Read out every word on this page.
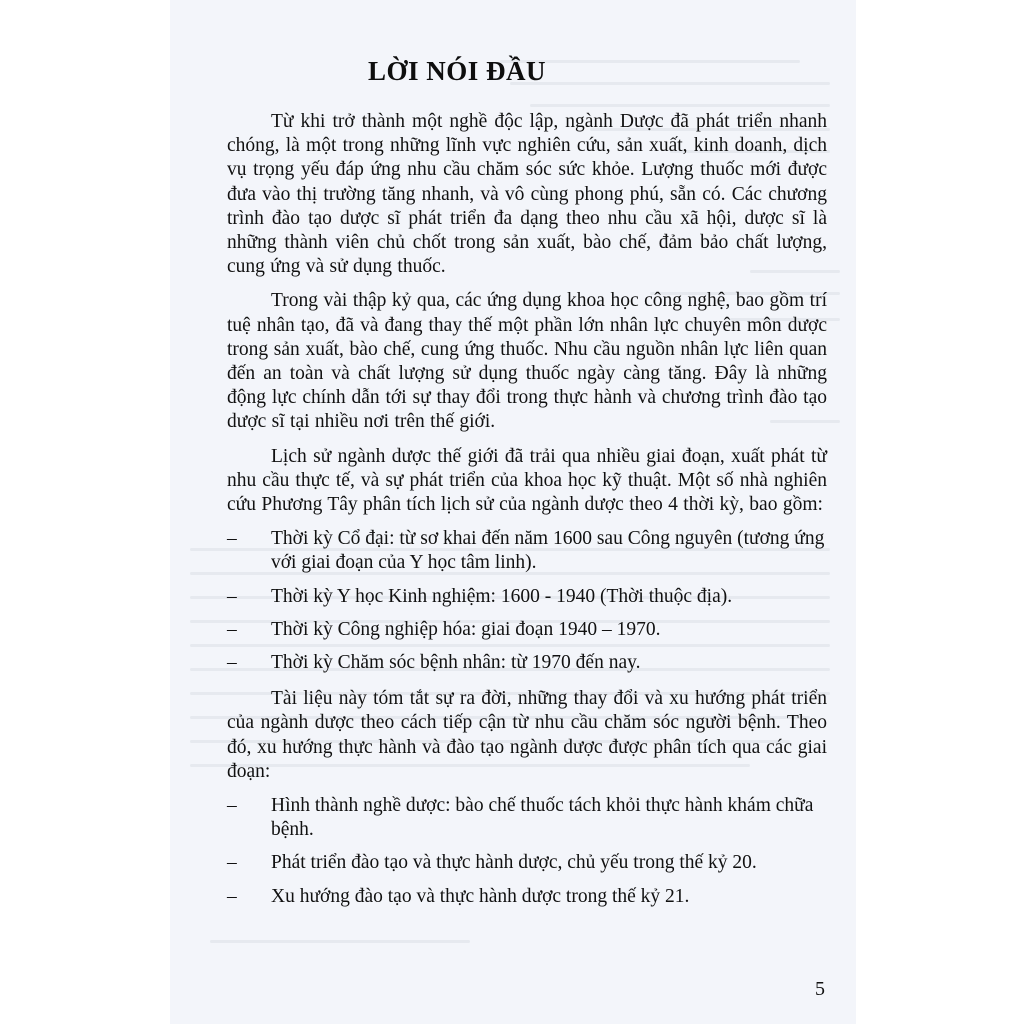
LỜI NÓI ĐẦU

Từ khi trở thành một nghề độc lập, ngành Dược đã phát triển nhanh chóng, là một trong những lĩnh vực nghiên cứu, sản xuất, kinh doanh, dịch vụ trọng yếu đáp ứng nhu cầu chăm sóc sức khỏe. Lượng thuốc mới được đưa vào thị trường tăng nhanh, và vô cùng phong phú, sẵn có. Các chương trình đào tạo dược sĩ phát triển đa dạng theo nhu cầu xã hội, dược sĩ là những thành viên chủ chốt trong sản xuất, bào chế, đảm bảo chất lượng, cung ứng và sử dụng thuốc.

Trong vài thập kỷ qua, các ứng dụng khoa học công nghệ, bao gồm trí tuệ nhân tạo, đã và đang thay thế một phần lớn nhân lực chuyên môn dược trong sản xuất, bào chế, cung ứng thuốc. Nhu cầu nguồn nhân lực liên quan đến an toàn và chất lượng sử dụng thuốc ngày càng tăng. Đây là những động lực chính dẫn tới sự thay đổi trong thực hành và chương trình đào tạo dược sĩ tại nhiều nơi trên thế giới.

Lịch sử ngành dược thế giới đã trải qua nhiều giai đoạn, xuất phát từ nhu cầu thực tế, và sự phát triển của khoa học kỹ thuật. Một số nhà nghiên cứu Phương Tây phân tích lịch sử của ngành dược theo 4 thời kỳ, bao gồm:

–	Thời kỳ Cổ đại: từ sơ khai đến năm 1600 sau Công nguyên (tương ứng với giai đoạn của Y học tâm linh).
–	Thời kỳ Y học Kinh nghiệm: 1600 - 1940 (Thời thuộc địa).
–	Thời kỳ Công nghiệp hóa: giai đoạn 1940 – 1970.
–	Thời kỳ Chăm sóc bệnh nhân: từ 1970 đến nay.

Tài liệu này tóm tắt sự ra đời, những thay đổi và xu hướng phát triển của ngành dược theo cách tiếp cận từ nhu cầu chăm sóc người bệnh. Theo đó, xu hướng thực hành và đào tạo ngành dược được phân tích qua các giai đoạn:

–	Hình thành nghề dược: bào chế thuốc tách khỏi thực hành khám chữa bệnh.
–	Phát triển đào tạo và thực hành dược, chủ yếu trong thế kỷ 20.
–	Xu hướng đào tạo và thực hành dược trong thế kỷ 21.
5
